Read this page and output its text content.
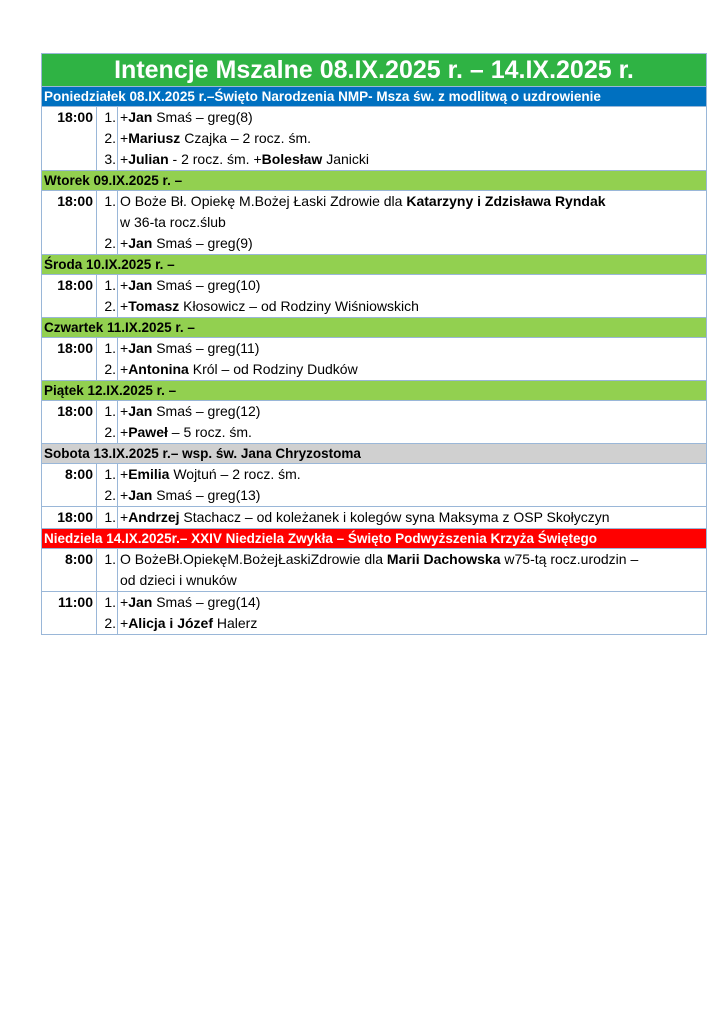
Intencje Mszalne 08.IX.2025 r. – 14.IX.2025 r.
Poniedziałek 08.IX.2025 r.–Święto Narodzenia NMP- Msza św. z modlitwą o uzdrowienie
18:00 1.
2.
3.
+Jan Smaś – greg(8)
+Mariusz Czajka – 2 rocz. śm.
+Julian - 2 rocz. śm. +Bolesław Janicki
Wtorek 09.IX.2025 r. –
18:00 1.
2.
O Boże Bł. Opiekę M.Bożej Łaski Zdrowie dla Katarzyny i Zdzisława Ryndak
w 36-ta rocz.ślub
+Jan Smaś – greg(9)
Środa 10.IX.2025 r. –
18:00 1.
2.
+Jan Smaś – greg(10)
+Tomasz Kłosowicz – od Rodziny Wiśniowskich
Czwartek 11.IX.2025 r. –
18:00 1.
2.
+Jan Smaś – greg(11)
+Antonina Król – od Rodziny Dudków
Piątek 12.IX.2025 r. –
18:00 1.
2.
+Jan Smaś – greg(12)
+Paweł – 5 rocz. śm.
Sobota 13.IX.2025 r.– wsp. św. Jana Chryzostoma
8:00 1.
2.
+Emilia Wojtuń – 2 rocz. śm.
+Jan Smaś – greg(13)
18:00 1. +Andrzej Stachacz – od koleżanek i kolegów syna Maksyma z OSP Skołyczyn
Niedziela 14.IX.2025r.– XXIV Niedziela Zwykła – Święto Podwyższenia Krzyża Świętego
8:00 1. O BożeBł.OpiekęM.BożejŁaskiZdrowie dla Marii Dachowska w75-tą rocz.urodzin –
od dzieci i wnuków
11:00 1.
2.
+Jan Smaś – greg(14)
+Alicja i Józef Halerz
